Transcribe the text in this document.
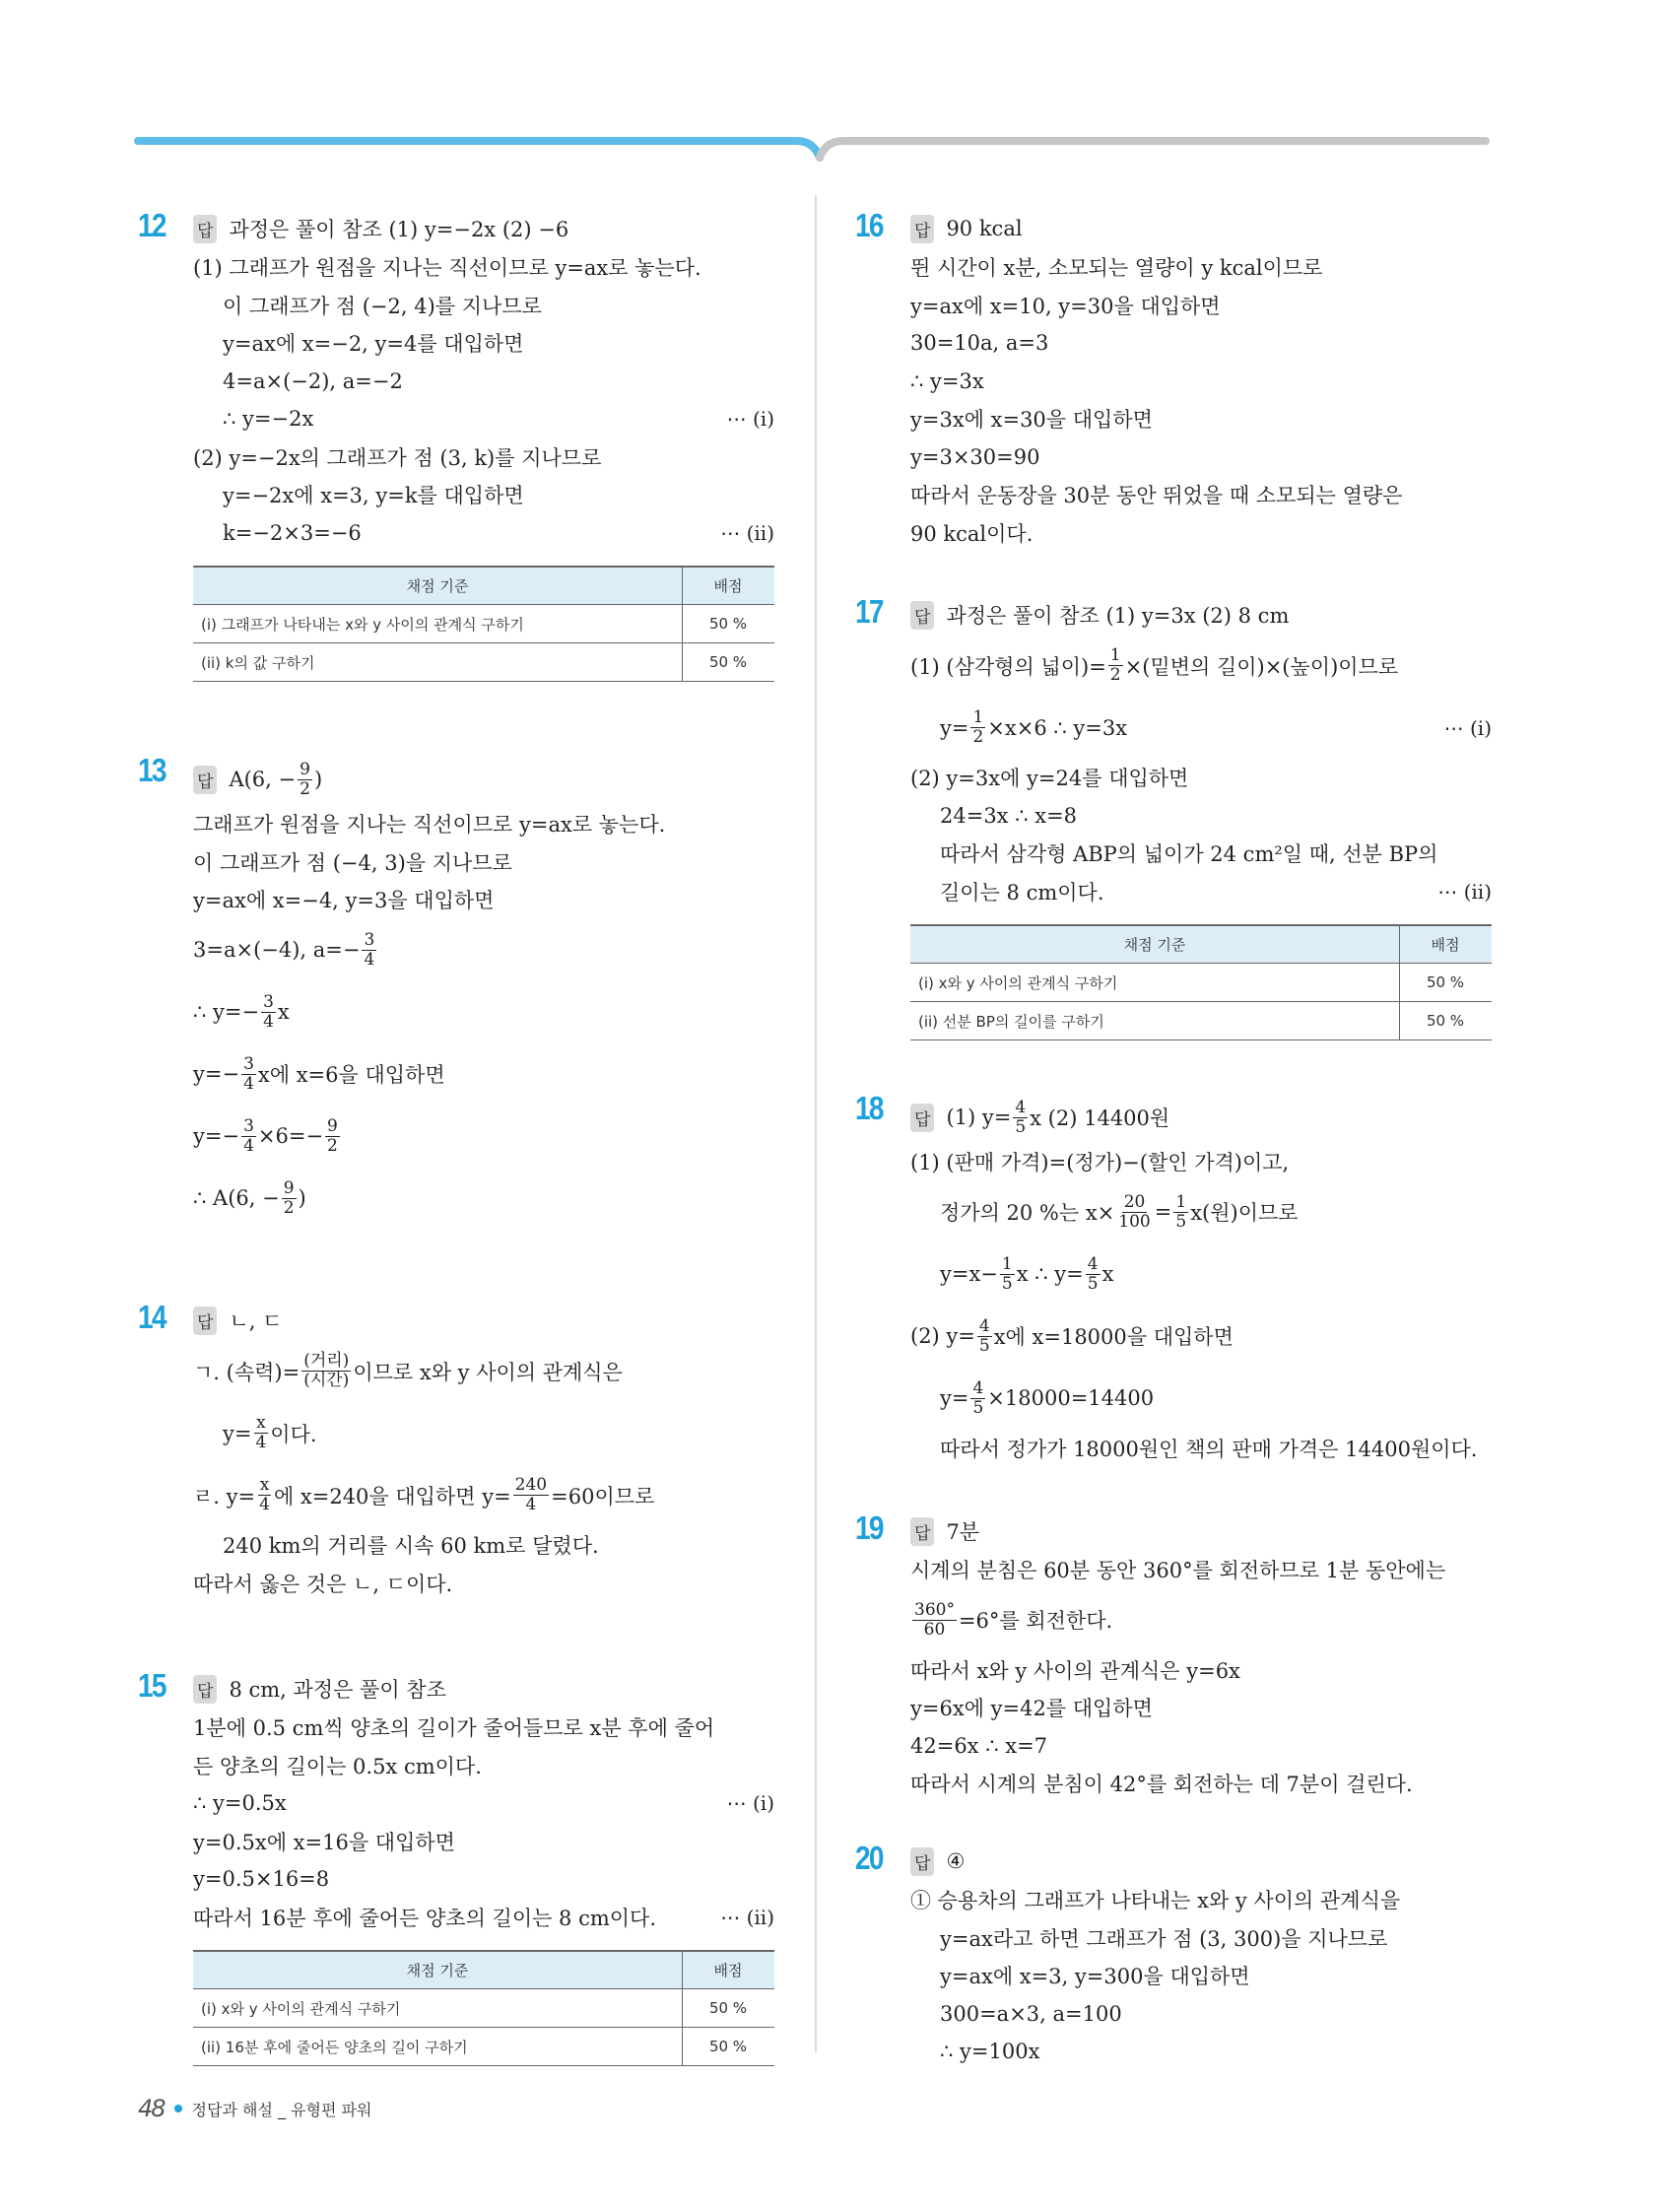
12 답 과정은 풀이 참조 (1) y=−2x (2) −6
(1) 그래프가 원점을 지나는 직선이므로 y=ax로 놓는다.
이 그래프가 점 (−2, 4)를 지나므로
y=ax에 x=−2, y=4를 대입하면
4=a×(−2), a=−2
∴ y=−2x	⋯ (i)
(2) y=−2x의 그래프가 점 (3, k)를 지나므로
y=−2x에 x=3, y=k를 대입하면
k=−2×3=−6	⋯ (ii)
채점 기준	배점
(i) 그래프가 나타내는 x와 y 사이의 관계식 구하기	50 %
(ii) k의 값 구하기	50 %
13 답 A(6, − $\frac{9}{2}$ )
그래프가 원점을 지나는 직선이므로 y=ax로 놓는다.
이 그래프가 점 (−4, 3)을 지나므로
y=ax에 x=−4, y=3을 대입하면
3=a×(−4), $a=- \frac{3}{4}$
∴ $y=- \frac{3}{4}$ x
$y=- \frac{3}{4}$ x에 x=6을 대입하면
$y=- \frac{3}{4} \times 6=- \frac{9}{2}$
∴ A(6, − $\frac{9}{2}$ )
14 답 ㄴ, ㄷ
ㄱ. (속력)= $\frac{\text{(거리)}}{\text{(시간)}}$ 이므로 x와 y 사이의 관계식은
$y= \frac{x}{4}$ 이다.
ㄹ. $y= \frac{x}{4}$ 에 x=240을 대입하면 $y= \frac{240}{4} =60$이므로
240 km의 거리를 시속 60 km로 달렸다.
따라서 옳은 것은 ㄴ, ㄷ이다.
15 답 8 cm, 과정은 풀이 참조
1분에 0.5 cm씩 양초의 길이가 줄어들므로 x분 후에 줄어
든 양초의 길이는 0.5x cm이다.
∴ y=0.5x	⋯ (i)
y=0.5x에 x=16을 대입하면
y=0.5×16=8
따라서 16분 후에 줄어든 양초의 길이는 8 cm이다.	⋯ (ii)
채점 기준	배점
(i) x와 y 사이의 관계식 구하기	50 %
(ii) 16분 후에 줄어든 양초의 길이 구하기	50 %
16 답 90 kcal
뛴 시간이 x분, 소모되는 열량이 y kcal이므로
y=ax에 x=10, y=30을 대입하면
30=10a, a=3
∴ y=3x
y=3x에 x=30을 대입하면
y=3×30=90
따라서 운동장을 30분 동안 뛰었을 때 소모되는 열량은
90 kcal이다.
17 답 과정은 풀이 참조 (1) y=3x (2) 8 cm
(1) (삼각형의 넓이)= $\frac{1}{2}$ ×(밑변의 길이)×(높이)이므로
$y= \frac{1}{2} \times x\times 6$ ∴ y=3x	⋯ (i)
(2) y=3x에 y=24를 대입하면
24=3x ∴ x=8
따라서 삼각형 ABP의 넓이가 24 cm²일 때, 선분 BP의
길이는 8 cm이다.	⋯ (ii)
채점 기준	배점
(i) x와 y 사이의 관계식 구하기	50 %
(ii) 선분 BP의 길이를 구하기	50 %
18 답 (1) $y= \frac{4}{5}$ x (2) 14400원
(1) (판매 가격)=(정가)−(할인 가격)이고,
정가의 20 %는 $x\times \frac{20}{100} = \frac{1}{5} x$(원)이므로
$y=x- \frac{1}{5}$ x ∴ $y= \frac{4}{5}$ x
(2) $y= \frac{4}{5}$ x에 x=18000을 대입하면
$y= \frac{4}{5} \times 18000=14400$
따라서 정가가 18000원인 책의 판매 가격은 14400원이다.
19 답 7분
시계의 분침은 60분 동안 360°를 회전하므로 1분 동안에는
$\frac{360^\circ}{60} =6^\circ$를 회전한다.
따라서 x와 y 사이의 관계식은 y=6x
y=6x에 y=42를 대입하면
42=6x ∴ x=7
따라서 시계의 분침이 42°를 회전하는 데 7분이 걸린다.
20 답 ④
① 승용차의 그래프가 나타내는 x와 y 사이의 관계식을
y=ax라고 하면 그래프가 점 (3, 300)을 지나므로
y=ax에 x=3, y=300을 대입하면
300=a×3, a=100
∴ y=100x
48 정답과 해설 _ 유형편 파워
